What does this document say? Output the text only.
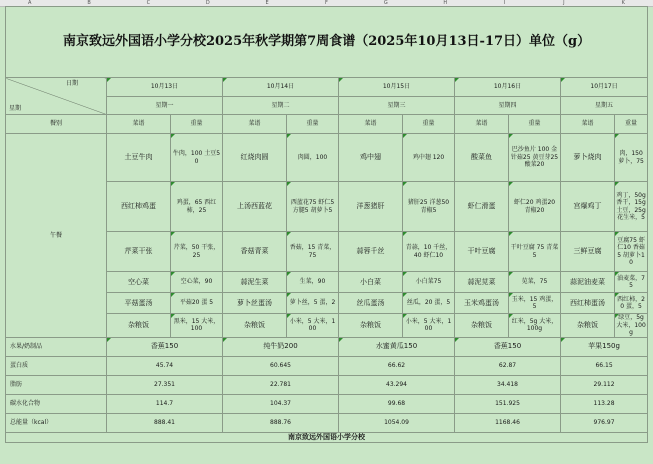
A	B	C	D	E	F	G	H	I	J	K
南京致远外国语小学分校2025年秋学期第7周食谱（2025年10月13日-17日）单位（g）										

日期
星期	10月13日		10月14日		10月15日		10月16日		10月17日	
	星期一		星期二		星期三		星期四		星期五	
餐别	菜谱	重量	菜谱	重量	菜谱	重量	菜谱	重量	菜谱	重量
午餐	土豆牛肉	牛肉，100 土豆50	红烧肉圆	肉圆，100	鸡中翅	鸡中翅 120	酸菜鱼	巴沙鱼片 100 金针菇25 黄豆芽25 酸菜20	萝卜烧肉	肉，150 萝卜，75
	西红柿鸡蛋	鸡蛋，65 西红柿，25	上汤西蓝花	西蓝花75 虾仁5 方腿5 胡萝卜5	洋葱猪肝	猪肝25 洋葱50 青椒5	虾仁滑蛋	虾仁20 鸡蛋20 青椒20	宫爆鸡丁	鸡丁，50g 香干，15g 土豆，25g 花生米，5
	芹菜干张	芹菜，50 干张，25	香菇青菜	香菇，15 青菜，75	蒜蓉千丝	青蒜，10 千丝，40 虾仁10	干叶豆腐	干叶豆腐 75 青菜5	三鲜豆腐	豆腐75 虾仁10 香菇5 胡萝卜10
	空心菜	空心菜，90	蒜泥生菜	生菜，90	小白菜	小白菜75	蒜泥苋菜	苋菜，75	蒜泥油麦菜	油麦菜，75
	平菇蛋汤	平菇20 蛋 5	萝卜丝蛋汤	萝卜丝，5 蛋，2	丝瓜蛋汤	丝瓜，20 蛋，5	玉米鸡蛋汤	玉米，15 鸡蛋，5	西红柿蛋汤	西红柿，20 蛋，5
	杂粮饭	黑米，15 大米，100	杂粮饭	小米，5 大米，100	杂粮饭	小米，5 大米，100	杂粮饭	红米，5g 大米，100g	杂粮饭	绿豆，5g 大米，100g
水果/奶制品	香蕉150		纯牛奶200		水蜜黄瓜150		香蕉150		苹果150g	
蛋白质	45.74		60.645		66.62		62.87		66.15	
脂肪	27.351		22.781		43.294		34.418		29.112	
碳水化合物	114.7		104.37		99.68		151.925		113.28	
总能量（kcal）	888.41		888.76		1054.09		1168.46		976.97	
南京致远外国语小学分校										
